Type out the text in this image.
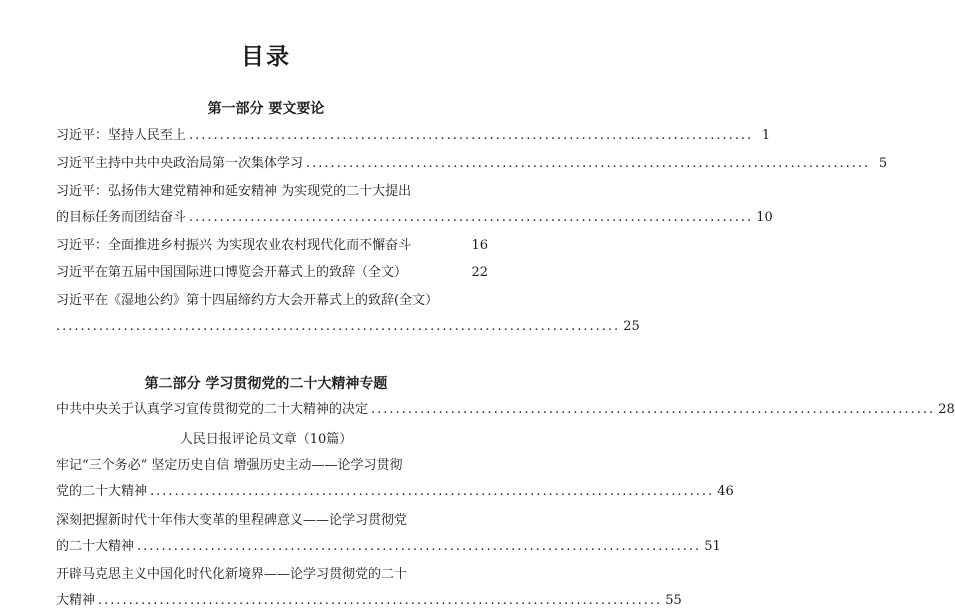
目录
第一部分 要文要论
习近平：坚持人民至上 ............................................................................................ 1
习近平主持中共中央政治局第一次集体学习 ............................................................................................ 5
习近平：弘扬伟大建党精神和延安精神 为实现党的二十大提出
的目标任务而团结奋斗 ............................................................................................ 10
习近平：全面推进乡村振兴 为实现农业农村现代化而不懈奋斗	16
习近平在第五届中国国际进口博览会开幕式上的致辞（全文）	22
习近平在《湿地公约》第十四届缔约方大会开幕式上的致辞(全文）
............................................................................................ 25
第二部分 学习贯彻党的二十大精神专题
中共中央关于认真学习宣传贯彻党的二十大精神的决定 ............................................................................................ 28
人民日报评论员文章（10篇）
牢记“三个务必” 坚定历史自信 增强历史主动——论学习贯彻
党的二十大精神 ............................................................................................ 46
深刻把握新时代十年伟大变革的里程碑意义——论学习贯彻党
的二十大精神 ............................................................................................ 51
开辟马克思主义中国化时代化新境界——论学习贯彻党的二十
大精神 ............................................................................................ 55
